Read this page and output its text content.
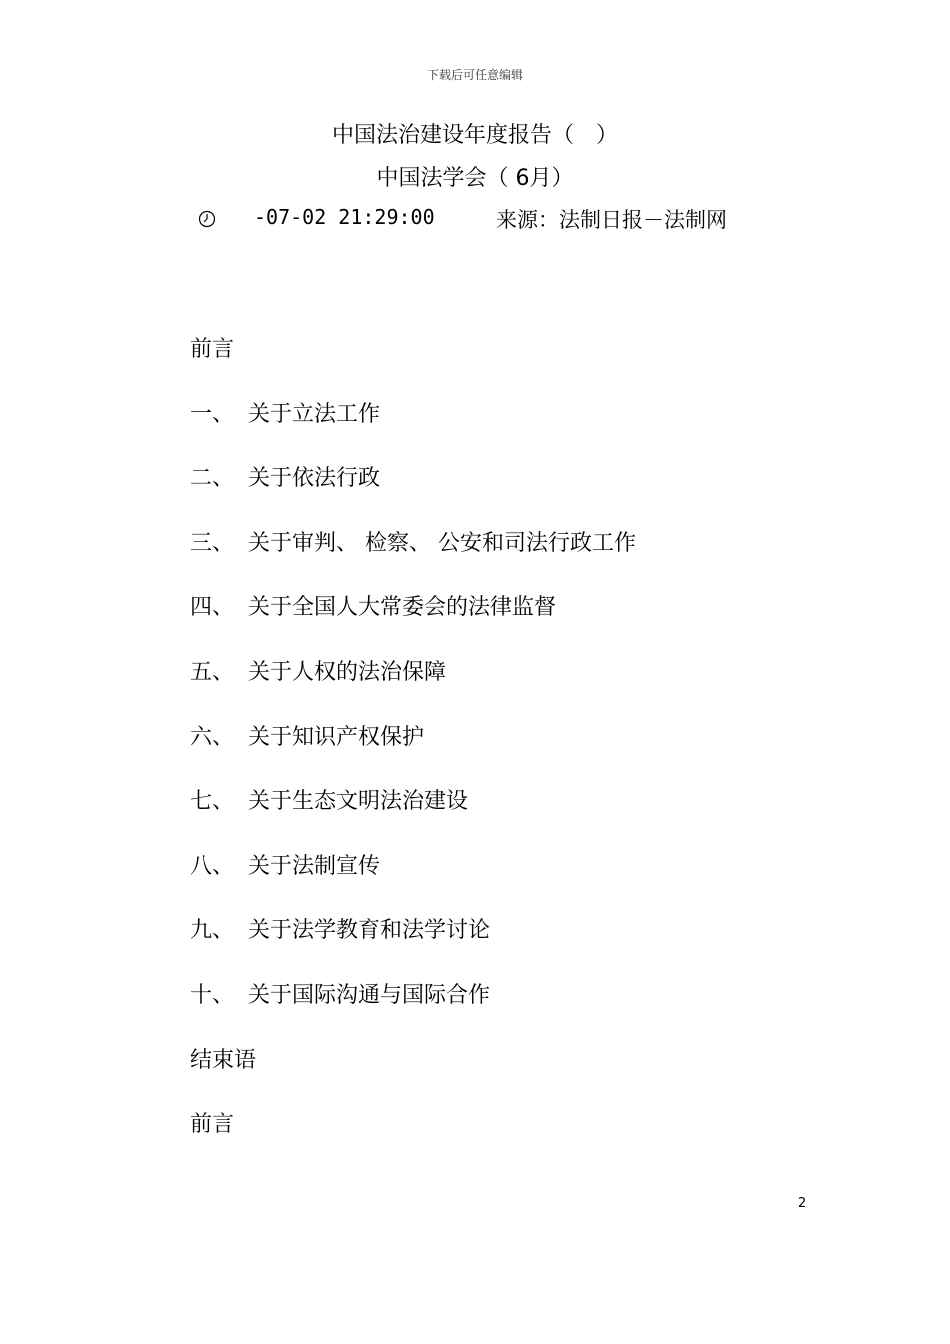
下载后可任意编辑
中国法治建设年度报告（　）
中国法学会（ 6月）
-07-02 21:29:00	来源：法制日报－法制网
前言
一、 关于立法工作
二、 关于依法行政
三、 关于审判、 检察、 公安和司法行政工作
四、 关于全国人大常委会的法律监督
五、 关于人权的法治保障
六、 关于知识产权保护
七、 关于生态文明法治建设
八、 关于法制宣传
九、 关于法学教育和法学讨论
十、 关于国际沟通与国际合作
结束语
前言
2
